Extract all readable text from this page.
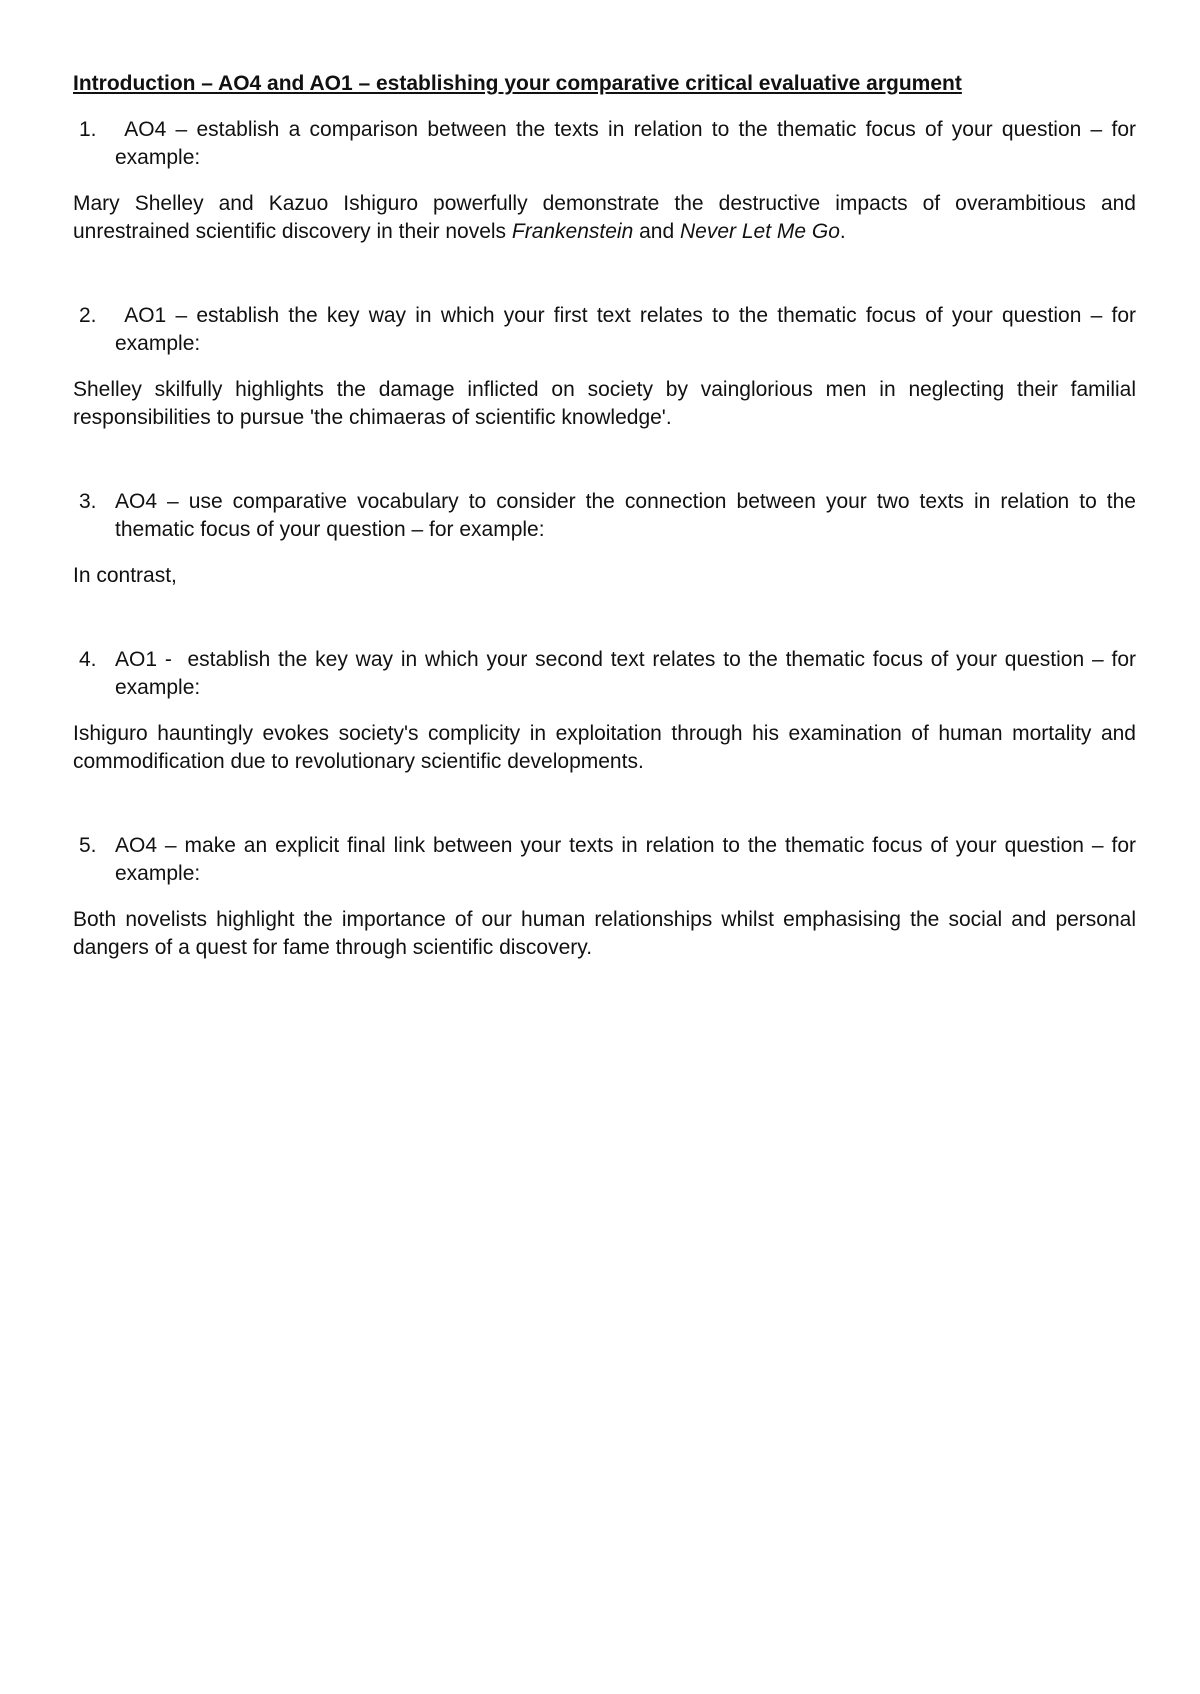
Introduction – AO4 and AO1 – establishing your comparative critical evaluative argument
1. AO4 – establish a comparison between the texts in relation to the thematic focus of your question – for example:

Mary Shelley and Kazuo Ishiguro powerfully demonstrate the destructive impacts of overambitious and unrestrained scientific discovery in their novels Frankenstein and Never Let Me Go.

2. AO1 – establish the key way in which your first text relates to the thematic focus of your question – for example:

Shelley skilfully highlights the damage inflicted on society by vainglorious men in neglecting their familial responsibilities to pursue 'the chimaeras of scientific knowledge'.

3. AO4 – use comparative vocabulary to consider the connection between your two texts in relation to the thematic focus of your question – for example:

In contrast,

4. AO1 -  establish the key way in which your second text relates to the thematic focus of your question – for example:

Ishiguro hauntingly evokes society's complicity in exploitation through his examination of human mortality and commodification due to revolutionary scientific developments.

5. AO4 – make an explicit final link between your texts in relation to the thematic focus of your question – for example:

Both novelists highlight the importance of our human relationships whilst emphasising the social and personal dangers of a quest for fame through scientific discovery.
